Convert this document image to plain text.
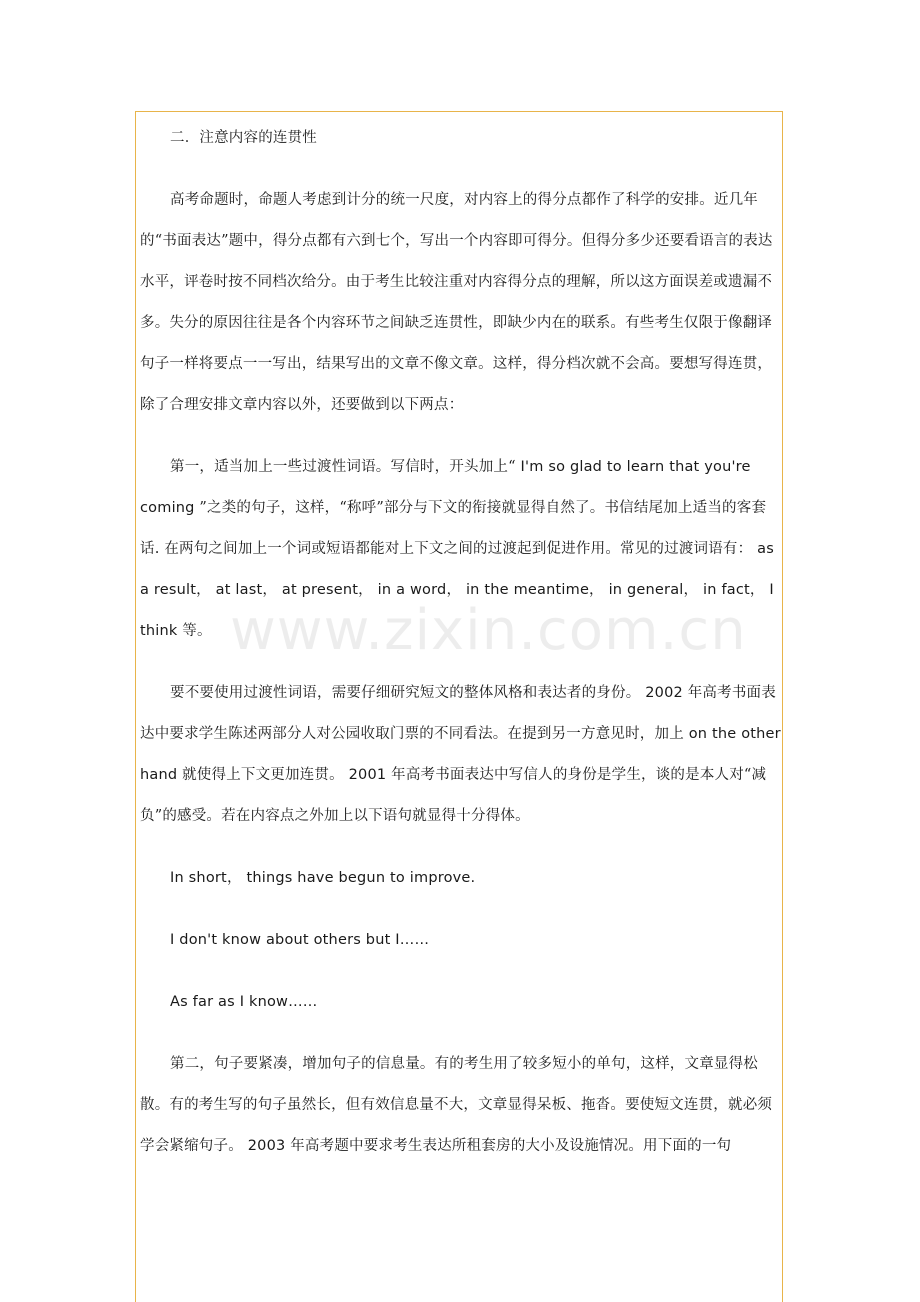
二．注意内容的连贯性

高考命题时，命题人考虑到计分的统一尺度，对内容上的得分点都作了科学的安排。近几年的“书面表达”题中，得分点都有六到七个，写出一个内容即可得分。但得分多少还要看语言的表达水平，评卷时按不同档次给分。由于考生比较注重对内容得分点的理解，所以这方面误差或遗漏不多。失分的原因往往是各个内容环节之间缺乏连贯性，即缺少内在的联系。有些考生仅限于像翻译句子一样将要点一一写出，结果写出的文章不像文章。这样，得分档次就不会高。要想写得连贯，除了合理安排文章内容以外，还要做到以下两点：

第一，适当加上一些过渡性词语。写信时，开头加上“ I'm so glad to learn that you're coming ”之类的句子，这样，“称呼”部分与下文的衔接就显得自然了。书信结尾加上适当的客套话. 在两句之间加上一个词或短语都能对上下文之间的过渡起到促进作用。常见的过渡词语有： as a result， at last， at present， in a word， in the meantime， in general， in fact， I think 等。

要不要使用过渡性词语，需要仔细研究短文的整体风格和表达者的身份。 2002 年高考书面表达中要求学生陈述两部分人对公园收取门票的不同看法。在提到另一方意见时，加上 on the other hand 就使得上下文更加连贯。 2001 年高考书面表达中写信人的身份是学生，谈的是本人对“减负”的感受。若在内容点之外加上以下语句就显得十分得体。

In short， things have begun to improve.

I don't know about others but I……

As far as I know……

第二，句子要紧凑，增加句子的信息量。有的考生用了较多短小的单句，这样，文章显得松散。有的考生写的句子虽然长，但有效信息量不大，文章显得呆板、拖沓。要使短文连贯，就必须学会紧缩句子。 2003 年高考题中要求考生表达所租套房的大小及设施情况。用下面的一句

www.zixin.com.cn
